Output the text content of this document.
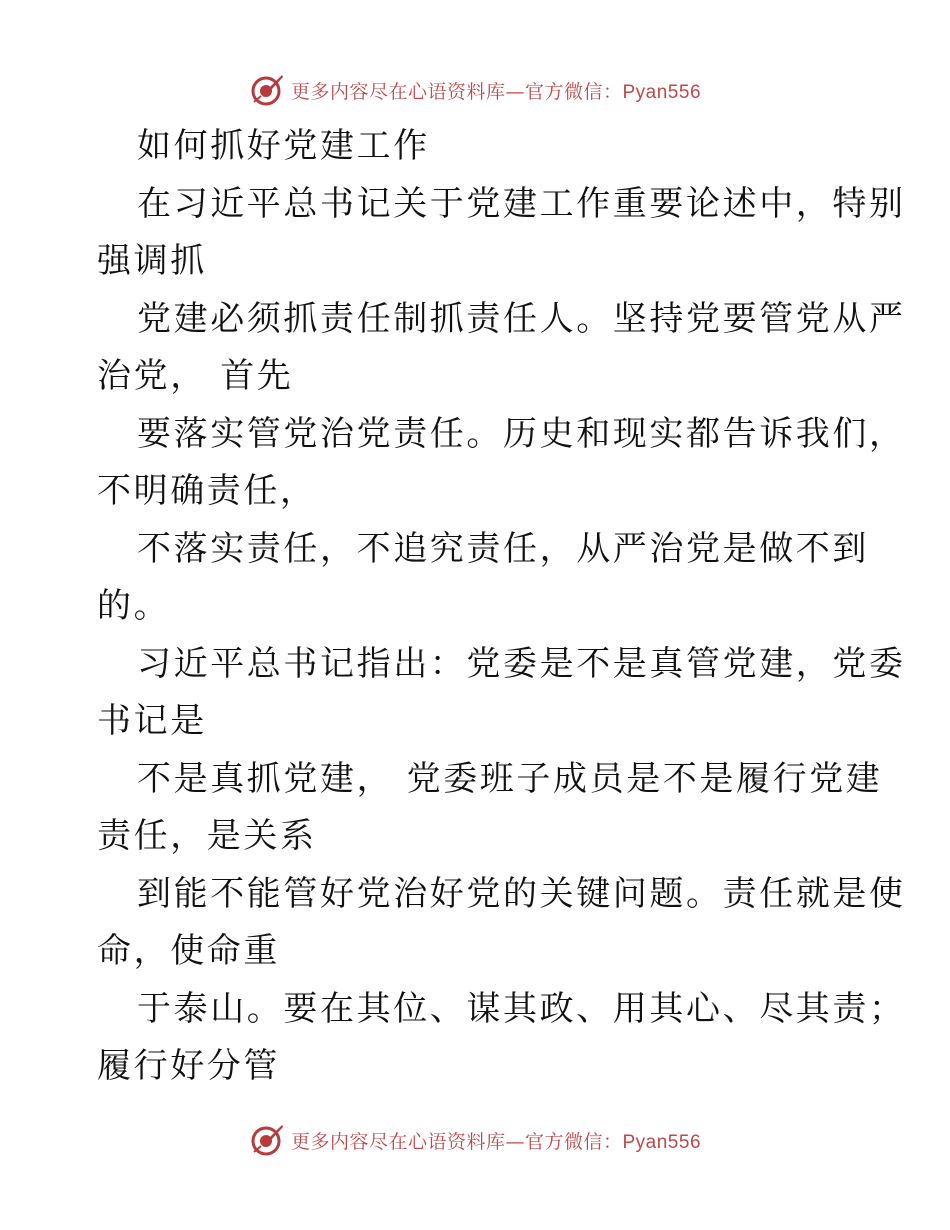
更多内容尽在心语资料库—官方微信：Pyan556

如何抓好党建工作

在习近平总书记关于党建工作重要论述中，特别

强调抓

党建必须抓责任制抓责任人。坚持党要管党从严

治党， 首先

要落实管党治党责任。历史和现实都告诉我们，

不明确责任，

不落实责任，不追究责任，从严治党是做不到

的。

习近平总书记指出：党委是不是真管党建，党委

书记是

不是真抓党建， 党委班子成员是不是履行党建

责任，是关系

到能不能管好党治好党的关键问题。责任就是使

命，使命重

于泰山。要在其位、谋其政、用其心、尽其责；

履行好分管

更多内容尽在心语资料库—官方微信：Pyan556
